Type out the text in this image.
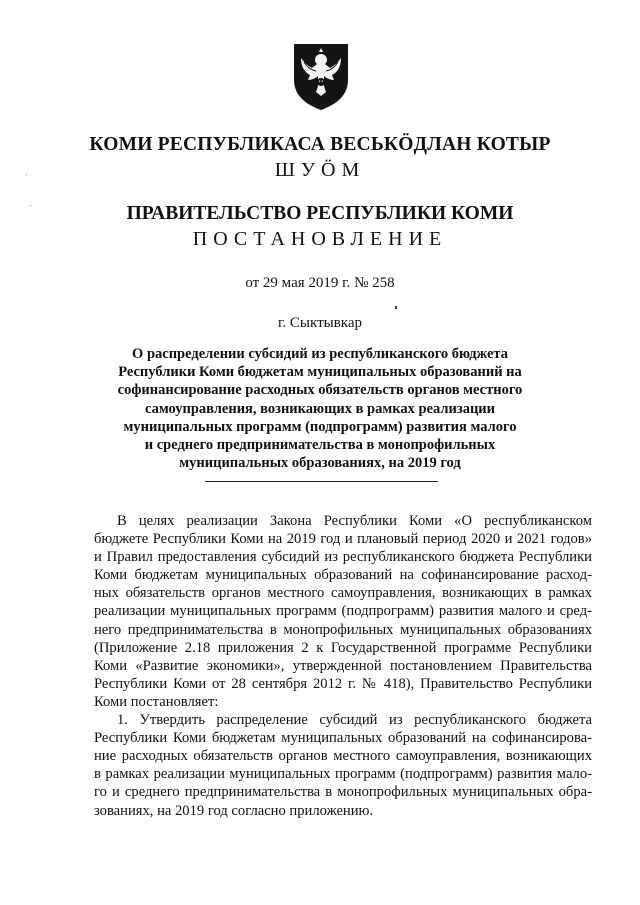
КОМИ РЕСПУБЛИКАСА ВЕСЬКӦДЛАН КОТЫР
ШУӦМ
ПРАВИТЕЛЬСТВО РЕСПУБЛИКИ КОМИ
ПОСТАНОВЛЕНИЕ
от 29 мая 2019 г. № 258
г. Сыктывкар
О распределении субсидий из республиканского бюджета
Республики Коми бюджетам муниципальных образований на
софинансирование расходных обязательств органов местного
самоуправления, возникающих в рамках реализации
муниципальных программ (подпрограмм) развития малого
и среднего предпринимательства в монопрофильных
муниципальных образованиях, на 2019 год
В целях реализации Закона Республики Коми «О республиканском
бюджете Республики Коми на 2019 год и плановый период 2020 и 2021 годов»
и Правил предоставления субсидий из республиканского бюджета Республики
Коми бюджетам муниципальных образований на софинансирование расход-
ных обязательств органов местного самоуправления, возникающих в рамках
реализации муниципальных программ (подпрограмм) развития малого и сред-
него предпринимательства в монопрофильных муниципальных образованиях
(Приложение 2.18 приложения 2 к Государственной программе Республики
Коми «Развитие экономики», утвержденной постановлением Правительства
Республики Коми от 28 сентября 2012 г. № 418), Правительство Республики
Коми постановляет:
1. Утвердить распределение субсидий из республиканского бюджета
Республики Коми бюджетам муниципальных образований на софинансирова-
ние расходных обязательств органов местного самоуправления, возникающих
в рамках реализации муниципальных программ (подпрограмм) развития мало-
го и среднего предпринимательства в монопрофильных муниципальных обра-
зованиях, на 2019 год согласно приложению.
